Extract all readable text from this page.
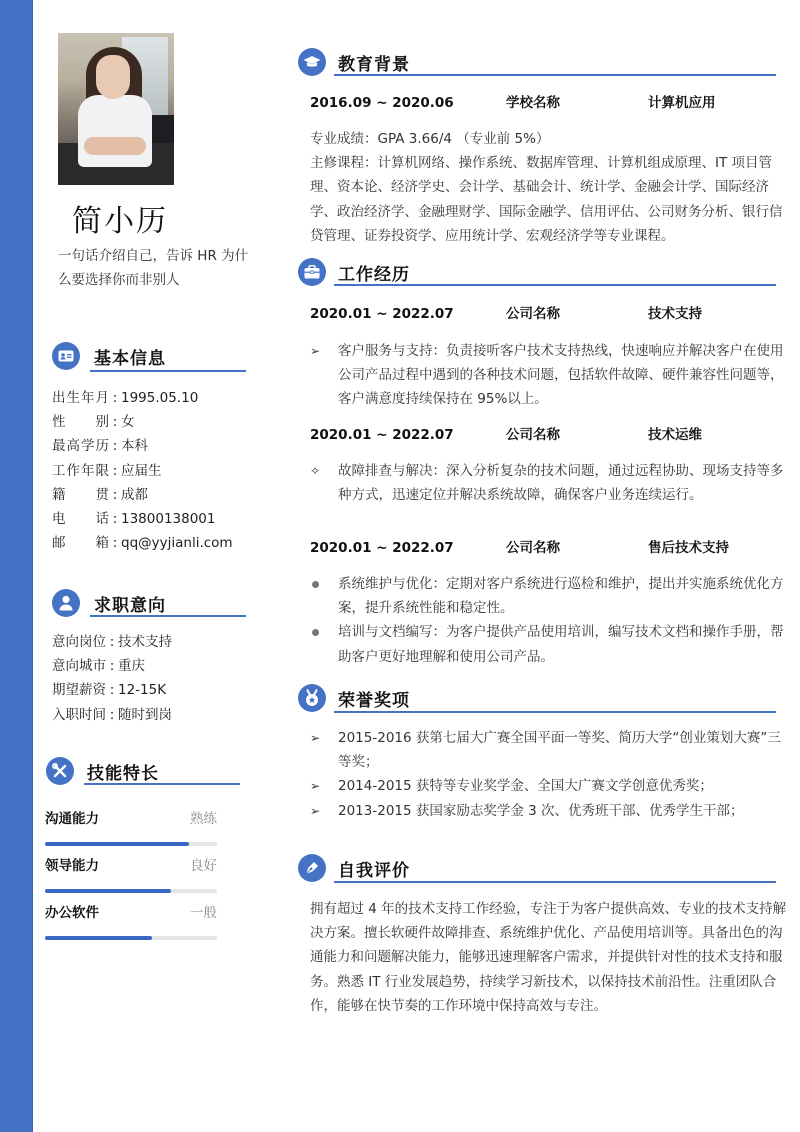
简小历
一句话介绍自己，告诉 HR 为什么要选择你而非别人
基本信息
出生年月 : 1995.05.10
性别 : 女
最高学历 : 本科
工作年限 : 应届生
籍贯 : 成都
电话 : 13800138001
邮箱 : qq@yyjianli.com
求职意向
意向岗位 : 技术支持
意向城市 : 重庆
期望薪资 : 12-15K
入职时间 : 随时到岗
技能特长
沟通能力	熟练
领导能力	良好
办公软件	一般
教育背景
2016.09 ~ 2020.06	学校名称	计算机应用
专业成绩：GPA 3.66/4 （专业前 5%）
主修课程：计算机网络、操作系统、数据库管理、计算机组成原理、IT 项目管理、资本论、经济学史、会计学、基础会计、统计学、金融会计学、国际经济学、政治经济学、金融理财学、国际金融学、信用评估、公司财务分析、银行信贷管理、证券投资学、应用统计学、宏观经济学等专业课程。
工作经历
2020.01 ~ 2022.07	公司名称	技术支持
➢	客户服务与支持：负责接听客户技术支持热线，快速响应并解决客户在使用公司产品过程中遇到的各种技术问题，包括软件故障、硬件兼容性问题等，客户满意度持续保持在 95%以上。
2020.01 ~ 2022.07	公司名称	技术运维
✧	故障排查与解决：深入分析复杂的技术问题，通过远程协助、现场支持等多种方式，迅速定位并解决系统故障，确保客户业务连续运行。
2020.01 ~ 2022.07	公司名称	售后技术支持
系统维护与优化：定期对客户系统进行巡检和维护，提出并实施系统优化方案，提升系统性能和稳定性。
培训与文档编写：为客户提供产品使用培训，编写技术文档和操作手册，帮助客户更好地理解和使用公司产品。
荣誉奖项
➢	2015-2016 获第七届大广赛全国平面一等奖、简历大学“创业策划大赛”三等奖；
➢	2014-2015 获特等专业奖学金、全国大广赛文学创意优秀奖；
➢	2013-2015 获国家励志奖学金 3 次、优秀班干部、优秀学生干部；
自我评价
拥有超过 4 年的技术支持工作经验，专注于为客户提供高效、专业的技术支持解决方案。擅长软硬件故障排查、系统维护优化、产品使用培训等。具备出色的沟通能力和问题解决能力，能够迅速理解客户需求，并提供针对性的技术支持和服务。熟悉 IT 行业发展趋势，持续学习新技术，以保持技术前沿性。注重团队合作，能够在快节奏的工作环境中保持高效与专注。
